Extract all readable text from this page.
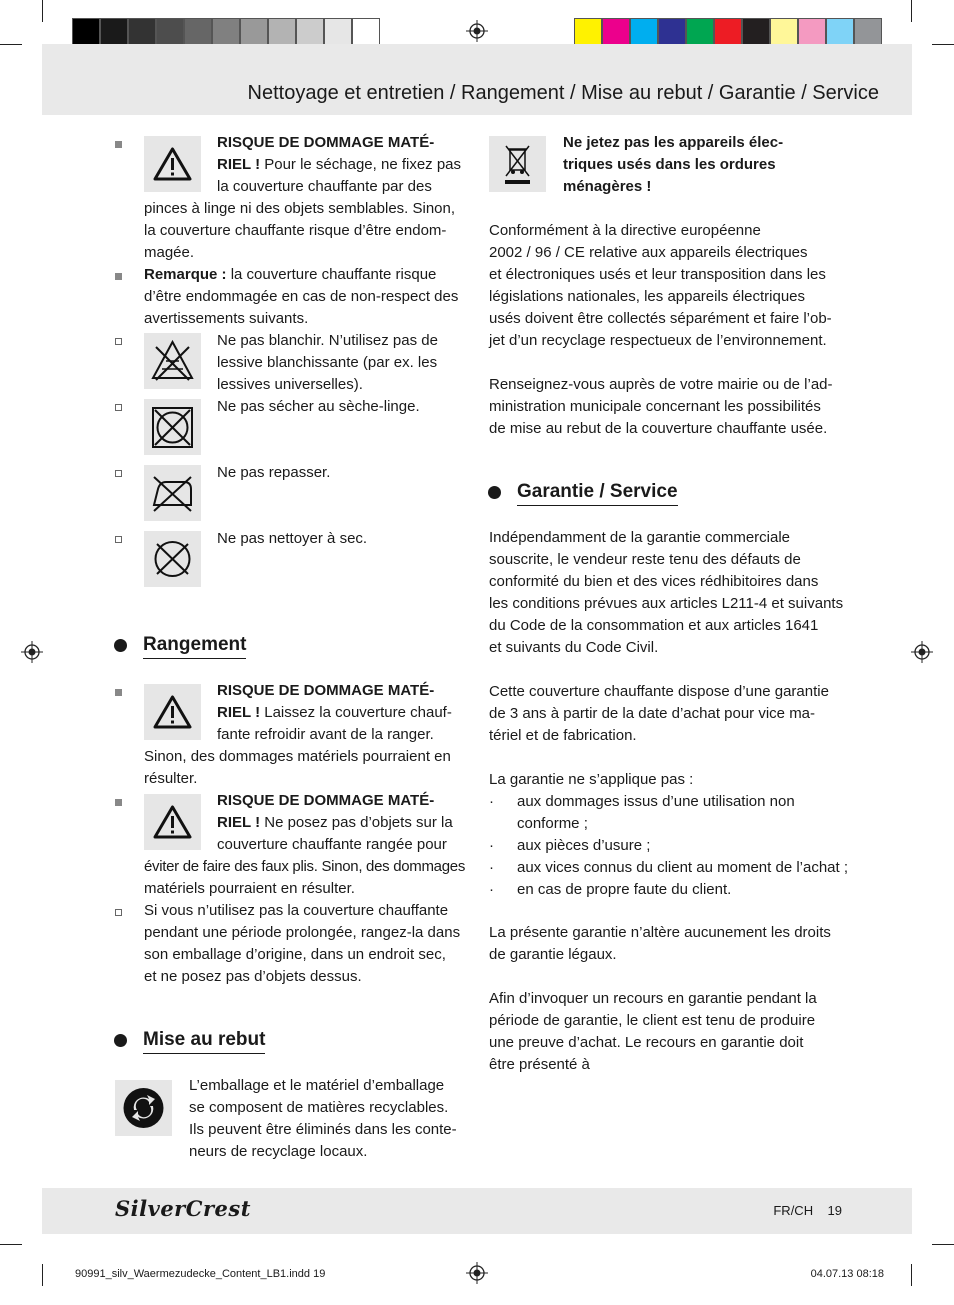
Nettoyage et entretien / Rangement / Mise au rebut / Garantie / Service
RISQUE DE DOMMAGE MATÉ-
RIEL ! Pour le séchage, ne fixez pas
la couverture chauffante par des
pinces à linge ni des objets semblables. Sinon,
la couverture chauffante risque d’être endom-
magée.
Remarque : la couverture chauffante risque
d’être endommagée en cas de non-respect des
avertissements suivants.
Ne pas blanchir. N’utilisez pas de
lessive blanchissante (par ex. les
lessives universelles).
Ne pas sécher au sèche-linge.
Ne pas repasser.
Ne pas nettoyer à sec.
Rangement
RISQUE DE DOMMAGE MATÉ-
RIEL ! Laissez la couverture chauf-
fante refroidir avant de la ranger.
Sinon, des dommages matériels pourraient en
résulter.
RISQUE DE DOMMAGE MATÉ-
RIEL ! Ne posez pas d’objets sur la
couverture chauffante rangée pour
éviter de faire des faux plis. Sinon, des dommages
matériels pourraient en résulter.
Si vous n’utilisez pas la couverture chauffante
pendant une période prolongée, rangez-la dans
son emballage d’origine, dans un endroit sec,
et ne posez pas d’objets dessus.
Mise au rebut
L’emballage et le matériel d’emballage
se composent de matières recyclables.
Ils peuvent être éliminés dans les conte-
neurs de recyclage locaux.
Ne jetez pas les appareils élec-
triques usés dans les ordures
ménagères !
Conformément à la directive européenne
2002 / 96 / CE relative aux appareils électriques
et électroniques usés et leur transposition dans les
législations nationales, les appareils électriques
usés doivent être collectés séparément et faire l’ob-
jet d’un recyclage respectueux de l’environnement.
Renseignez-vous auprès de votre mairie ou de l’ad-
ministration municipale concernant les possibilités
de mise au rebut de la couverture chauffante usée.
Garantie / Service
Indépendamment de la garantie commerciale
souscrite, le vendeur reste tenu des défauts de
conformité du bien et des vices rédhibitoires dans
les conditions prévues aux articles L211-4 et suivants
du Code de la consommation et aux articles 1641
et suivants du Code Civil.
Cette couverture chauffante dispose d’une garantie
de 3 ans à partir de la date d’achat pour vice ma-
tériel et de fabrication.
La garantie ne s’applique pas :
· aux dommages issus d’une utilisation non
conforme ;
· aux pièces d’usure ;
· aux vices connus du client au moment de l’achat ;
· en cas de propre faute du client.
La présente garantie n’altère aucunement les droits
de garantie légaux.
Afin d’invoquer un recours en garantie pendant la
période de garantie, le client est tenu de produire
une preuve d’achat. Le recours en garantie doit
être présenté à
SilverCrest	FR/CH 19
90991_silv_Waermezudecke_Content_LB1.indd 19	04.07.13 08:18
